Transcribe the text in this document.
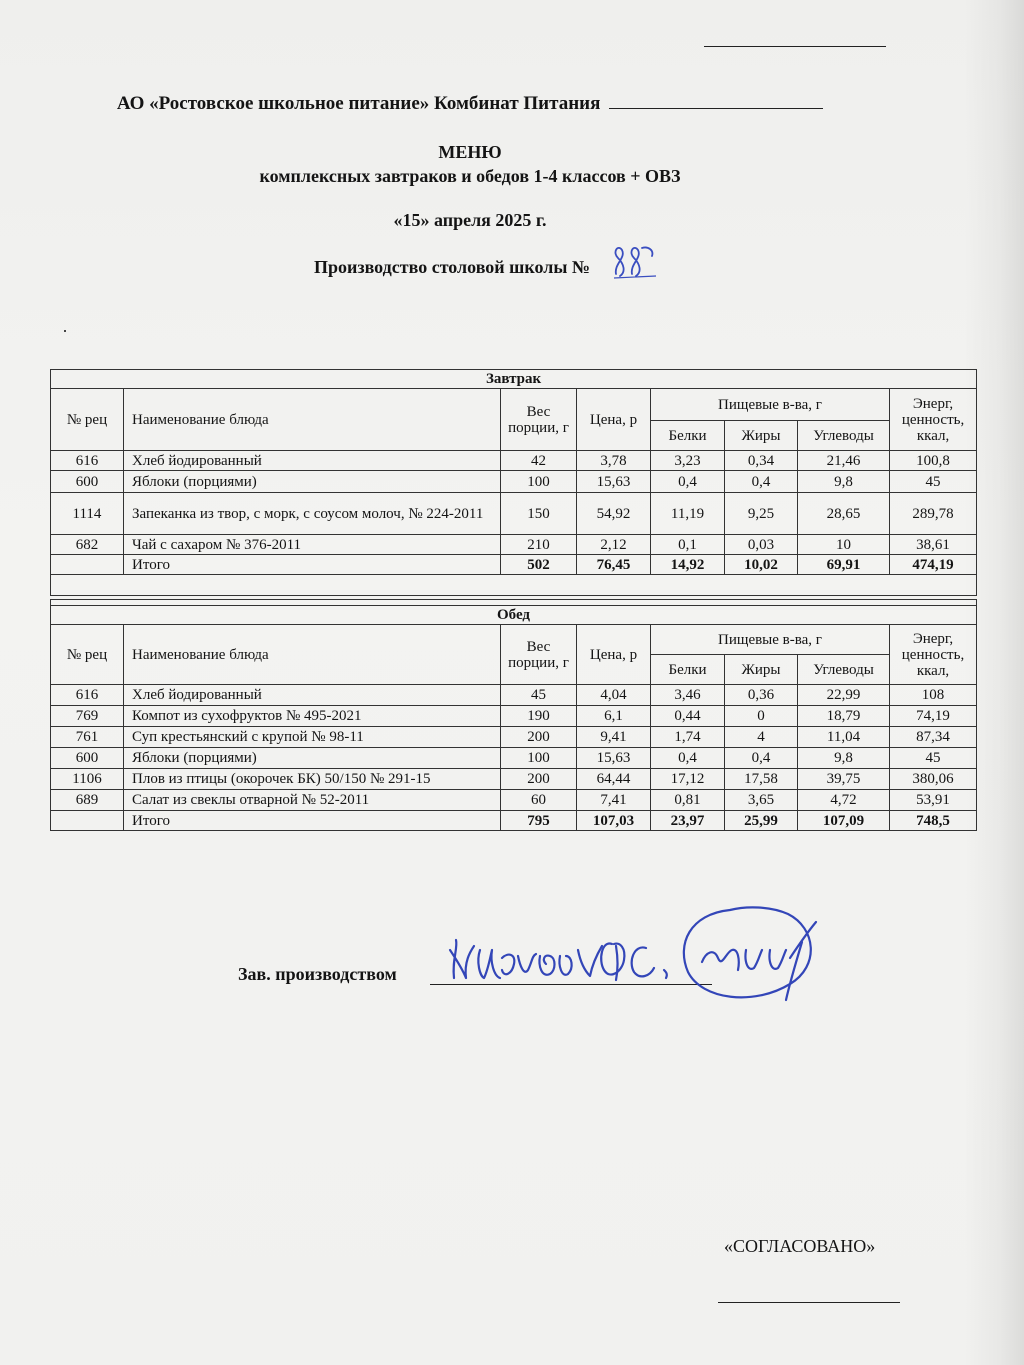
АО «Ростовское школьное питание» Комбинат Питания
МЕНЮ
комплексных завтраков и обедов 1-4 классов + ОВЗ
«15» апреля 2025 г.
Производство столовой школы №
Завтрак							
№ рец	Наименование блюда	Вес порции, г	Цена, р	Пищевые в-ва, г			Энерг, ценность, ккал,
				Белки	Жиры	Углеводы	
616	Хлеб йодированный	42	3,78	3,23	0,34	21,46	100,8
600	Яблоки (порциями)	100	15,63	0,4	0,4	9,8	45
1114	Запеканка из твор, с морк, с соусом молоч, № 224-2011	150	54,92	11,19	9,25	28,65	289,78
682	Чай с сахаром № 376-2011	210	2,12	0,1	0,03	10	38,61
	Итого	502	76,45	14,92	10,02	69,91	474,19

Обед							
№ рец	Наименование блюда	Вес порции, г	Цена, р	Пищевые в-ва, г			Энерг, ценность, ккал,
				Белки	Жиры	Углеводы	
616	Хлеб йодированный	45	4,04	3,46	0,36	22,99	108
769	Компот из сухофруктов № 495-2021	190	6,1	0,44	0	18,79	74,19
761	Суп крестьянский с крупой № 98-11	200	9,41	1,74	4	11,04	87,34
600	Яблоки (порциями)	100	15,63	0,4	0,4	9,8	45
1106	Плов из птицы (окорочек БК) 50/150 № 291-15	200	64,44	17,12	17,58	39,75	380,06
689	Салат из свеклы отварной № 52-2011	60	7,41	0,81	3,65	4,72	53,91
	Итого	795	107,03	23,97	25,99	107,09	748,5
Зав. производством
«СОГЛАСОВАНО»
